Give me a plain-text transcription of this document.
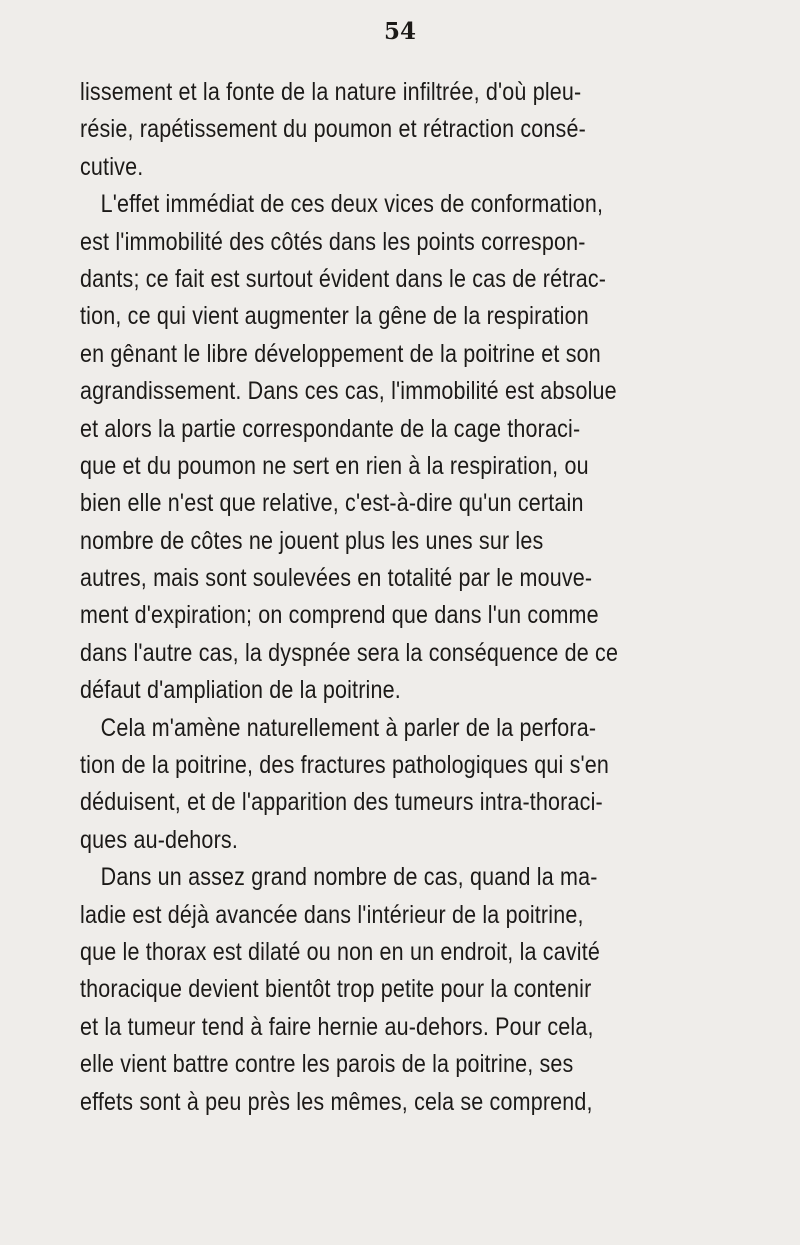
54
lissement et la fonte de la nature infiltrée, d'où pleu-
résie, rapétissement du poumon et rétraction consé-
cutive.
L'effet immédiat de ces deux vices de conformation,
est l'immobilité des côtés dans les points correspon-
dants; ce fait est surtout évident dans le cas de rétrac-
tion, ce qui vient augmenter la gêne de la respiration
en gênant le libre développement de la poitrine et son
agrandissement. Dans ces cas, l'immobilité est absolue
et alors la partie correspondante de la cage thoraci-
que et du poumon ne sert en rien à la respiration, ou
bien elle n'est que relative, c'est-à-dire qu'un certain
nombre de côtes ne jouent plus les unes sur les
autres, mais sont soulevées en totalité par le mouve-
ment d'expiration; on comprend que dans l'un comme
dans l'autre cas, la dyspnée sera la conséquence de ce
défaut d'ampliation de la poitrine.
Cela m'amène naturellement à parler de la perfora-
tion de la poitrine, des fractures pathologiques qui s'en
déduisent, et de l'apparition des tumeurs intra-thoraci-
ques au-dehors.
Dans un assez grand nombre de cas, quand la ma-
ladie est déjà avancée dans l'intérieur de la poitrine,
que le thorax est dilaté ou non en un endroit, la cavité
thoracique devient bientôt trop petite pour la contenir
et la tumeur tend à faire hernie au-dehors. Pour cela,
elle vient battre contre les parois de la poitrine, ses
effets sont à peu près les mêmes, cela se comprend,
